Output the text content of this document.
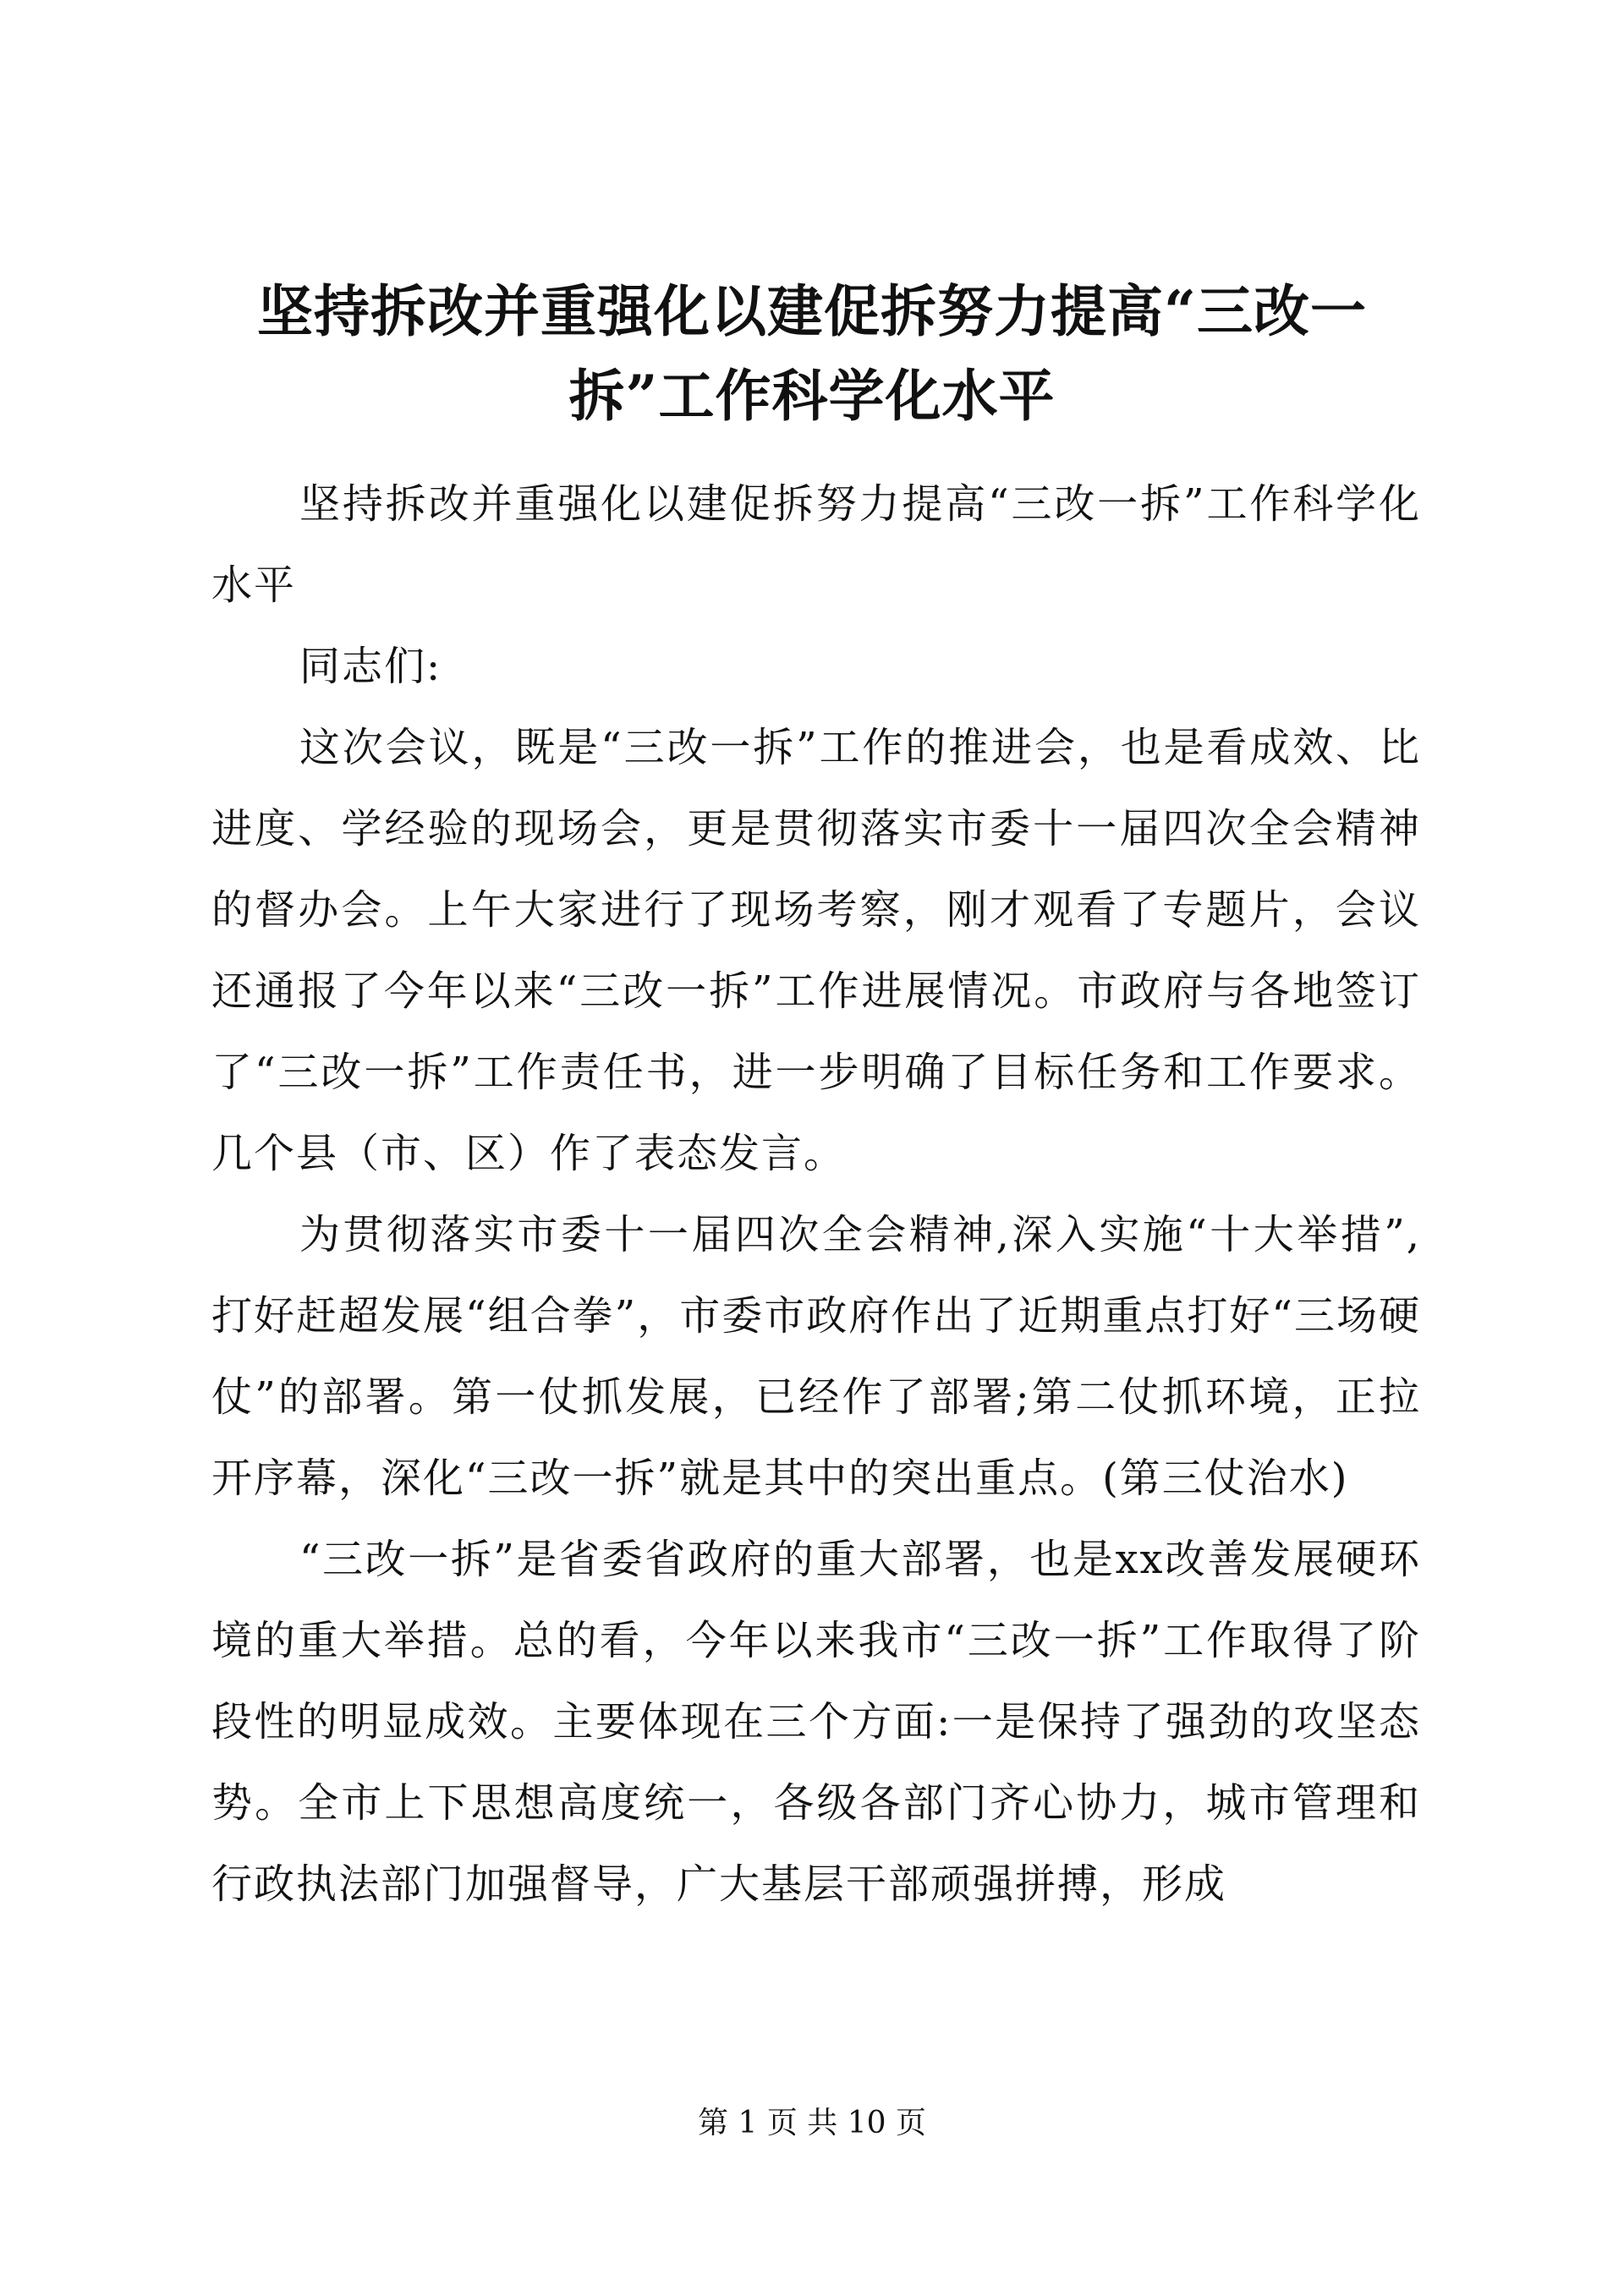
坚持拆改并重强化以建促拆努力提高“三改一拆”工作科学化水平

坚持拆改并重强化以建促拆努力提高“三改一拆”工作科学化水平

同志们:

这次会议，既是“三改一拆”工作的推进会，也是看成效、比进度、学经验的现场会，更是贯彻落实市委十一届四次全会精神的督办会。上午大家进行了现场考察，刚才观看了专题片，会议还通报了今年以来“三改一拆”工作进展情况。市政府与各地签订了“三改一拆”工作责任书，进一步明确了目标任务和工作要求。几个县（市、区）作了表态发言。

为贯彻落实市委十一届四次全会精神,深入实施“十大举措”,打好赶超发展“组合拳”，市委市政府作出了近期重点打好“三场硬仗”的部署。第一仗抓发展，已经作了部署;第二仗抓环境，正拉开序幕，深化“三改一拆”就是其中的突出重点。(第三仗治水)

“三改一拆”是省委省政府的重大部署，也是xx改善发展硬环境的重大举措。总的看，今年以来我市“三改一拆”工作取得了阶段性的明显成效。主要体现在三个方面:一是保持了强劲的攻坚态势。全市上下思想高度统一，各级各部门齐心协力，城市管理和行政执法部门加强督导，广大基层干部顽强拼搏，形成

第 1 页 共 10 页
